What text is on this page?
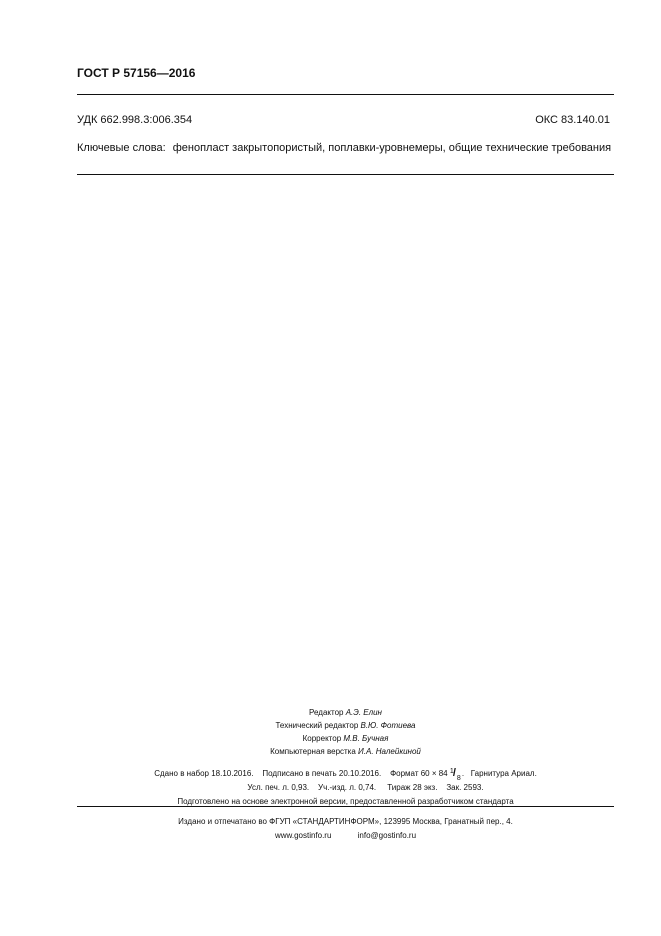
ГОСТ Р 57156—2016
УДК 662.998.3:006.354	ОКС 83.140.01
Ключевые слова: фенопласт закрытопористый, поплавки-уровнемеры, общие технические требования
Редактор А.Э. Елин
Технический редактор В.Ю. Фотиева
Корректор М.В. Бучная
Компьютерная верстка И.А. Налейкиной
Сдано в набор 18.10.2016. Подписано в печать 20.10.2016. Формат 60 × 84 1 / 8
.   Гарнитура Ариал.
Усл. печ. л. 0,93. Уч.-изд. л. 0,74. Тираж 28 экз. Зак. 2593.
Подготовлено на основе электронной версии, предоставленной разработчиком стандарта
Издано и отпечатано во ФГУП «СТАНДАРТИНФОРМ», 123995 Москва, Гранатный пер., 4.
www.gostinfo.ru	info@gostinfo.ru
